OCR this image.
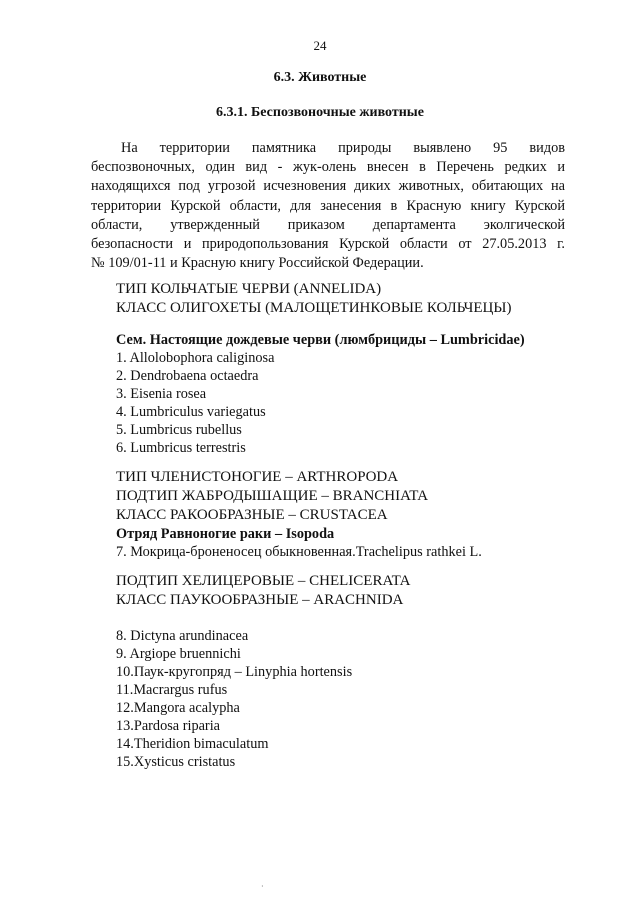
24
6.3. Животные
6.3.1. Беспозвоночные животные
На территории памятника природы выявлено 95 видов
беспозвоночных, один вид - жук-олень внесен в Перечень редких и
находящихся под угрозой исчезновения диких животных, обитающих на
территории Курской области, для занесения в Красную книгу Курской
области, утвержденный приказом департамента эколгической
безопасности и природопользования Курской области от 27.05.2013 г.
№ 109/01-11 и Красную книгу Российской Федерации.
ТИП КОЛЬЧАТЫЕ ЧЕРВИ (ANNELIDA)
КЛАСС ОЛИГОХЕТЫ (МАЛОЩЕТИНКОВЫЕ КОЛЬЧЕЦЫ)
Сем. Настоящие дождевые черви (люмбрициды – Lumbricidae)
1. Allolobophora caliginosa
2. Dendrobaena octaedra
3. Eisenia rosea
4. Lumbriculus variegatus
5. Lumbricus rubellus
6. Lumbricus terrestris
ТИП ЧЛЕНИСТОНОГИЕ – ARTHROPODA
ПОДТИП ЖАБРОДЫШАЩИЕ – BRANCHIATA
КЛАСС РАКООБРАЗНЫЕ – CRUSTACEA
Отряд Равноногие раки – Isopoda
7. Мокрица-броненосец обыкновенная.Trachelipus rathkei L.
ПОДТИП ХЕЛИЦЕРОВЫЕ – CHELICERATA
КЛАСС ПАУКООБРАЗНЫЕ – ARACHNIDA
8. Dictyna arundinacea
9. Argiope bruennichi
10.Паук-кругопряд – Linyphia hortensis
11.Macrargus rufus
12.Mangora acalypha
13.Pardosa riparia
14.Theridion bimaculatum
15.Xysticus cristatus
·
